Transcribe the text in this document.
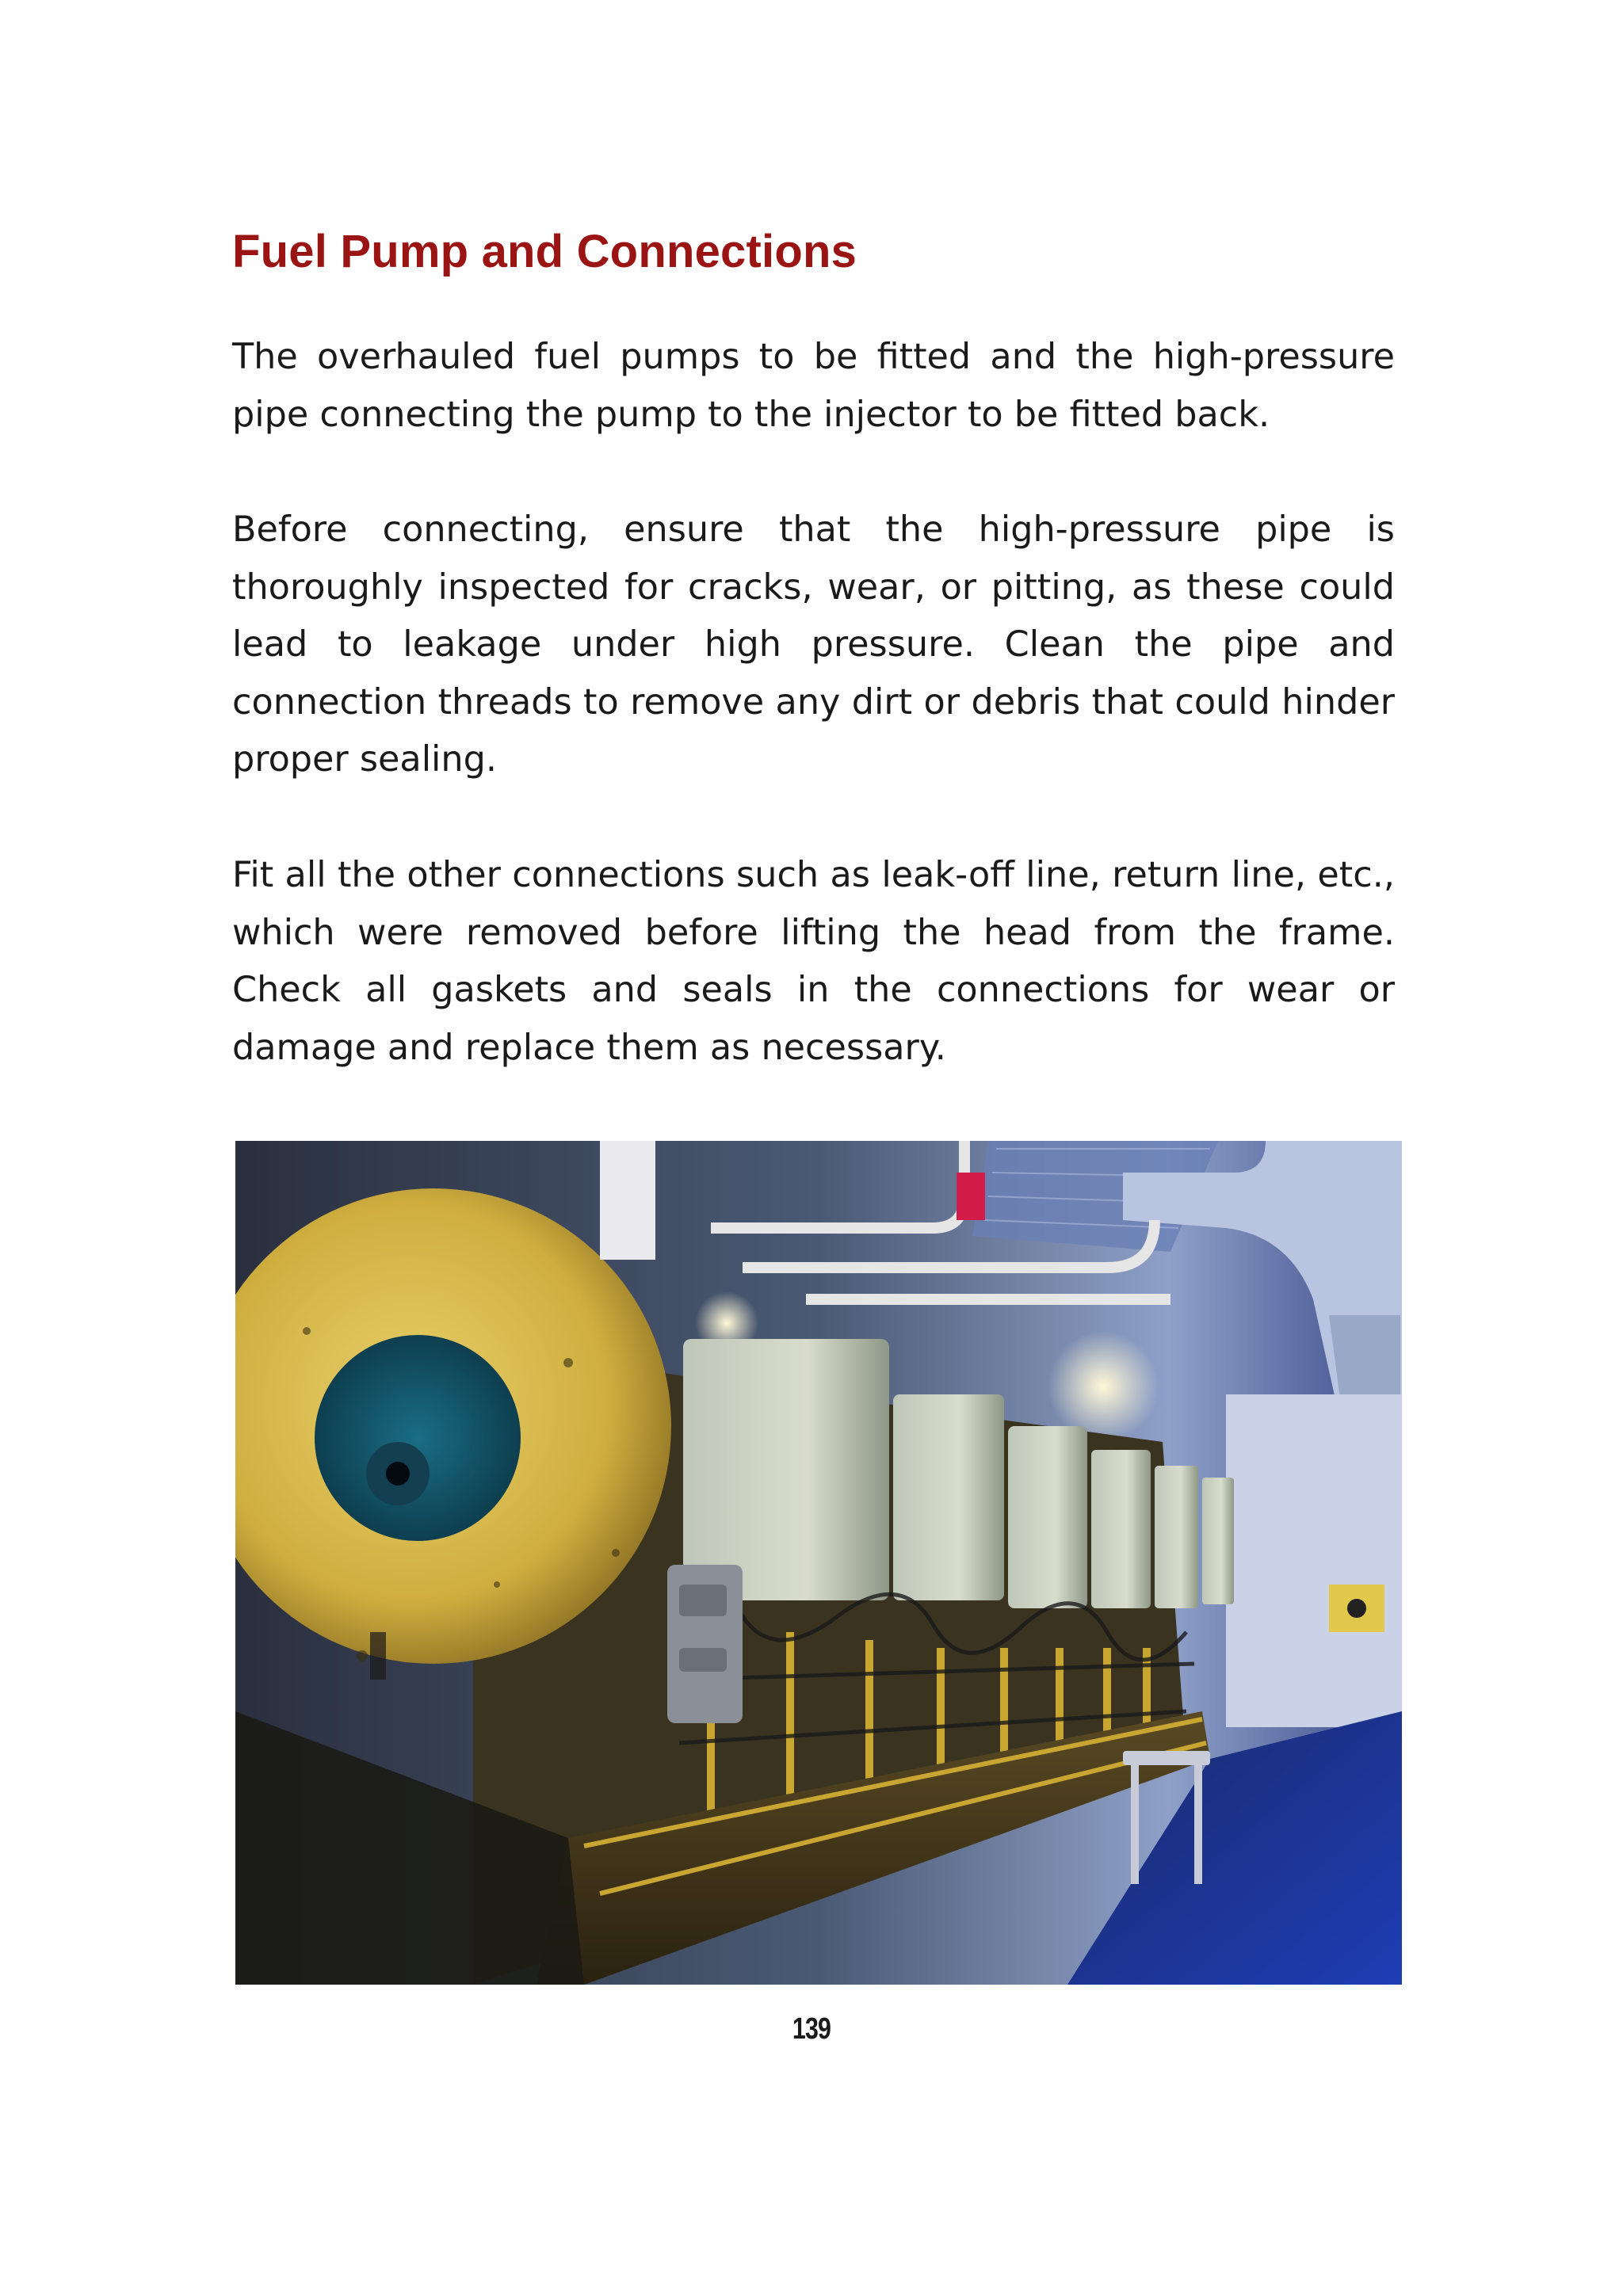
Fuel Pump and Connections

The overhauled fuel pumps to be fitted and the high-pressure pipe connecting the pump to the injector to be fitted back.

Before connecting, ensure that the high-pressure pipe is thoroughly inspected for cracks, wear, or pitting, as these could lead to leakage under high pressure. Clean the pipe and connection threads to remove any dirt or debris that could hinder proper sealing.

Fit all the other connections such as leak-off line, return line, etc., which were removed before lifting the head from the frame. Check all gaskets and seals in the connections for wear or damage and replace them as necessary.

139
